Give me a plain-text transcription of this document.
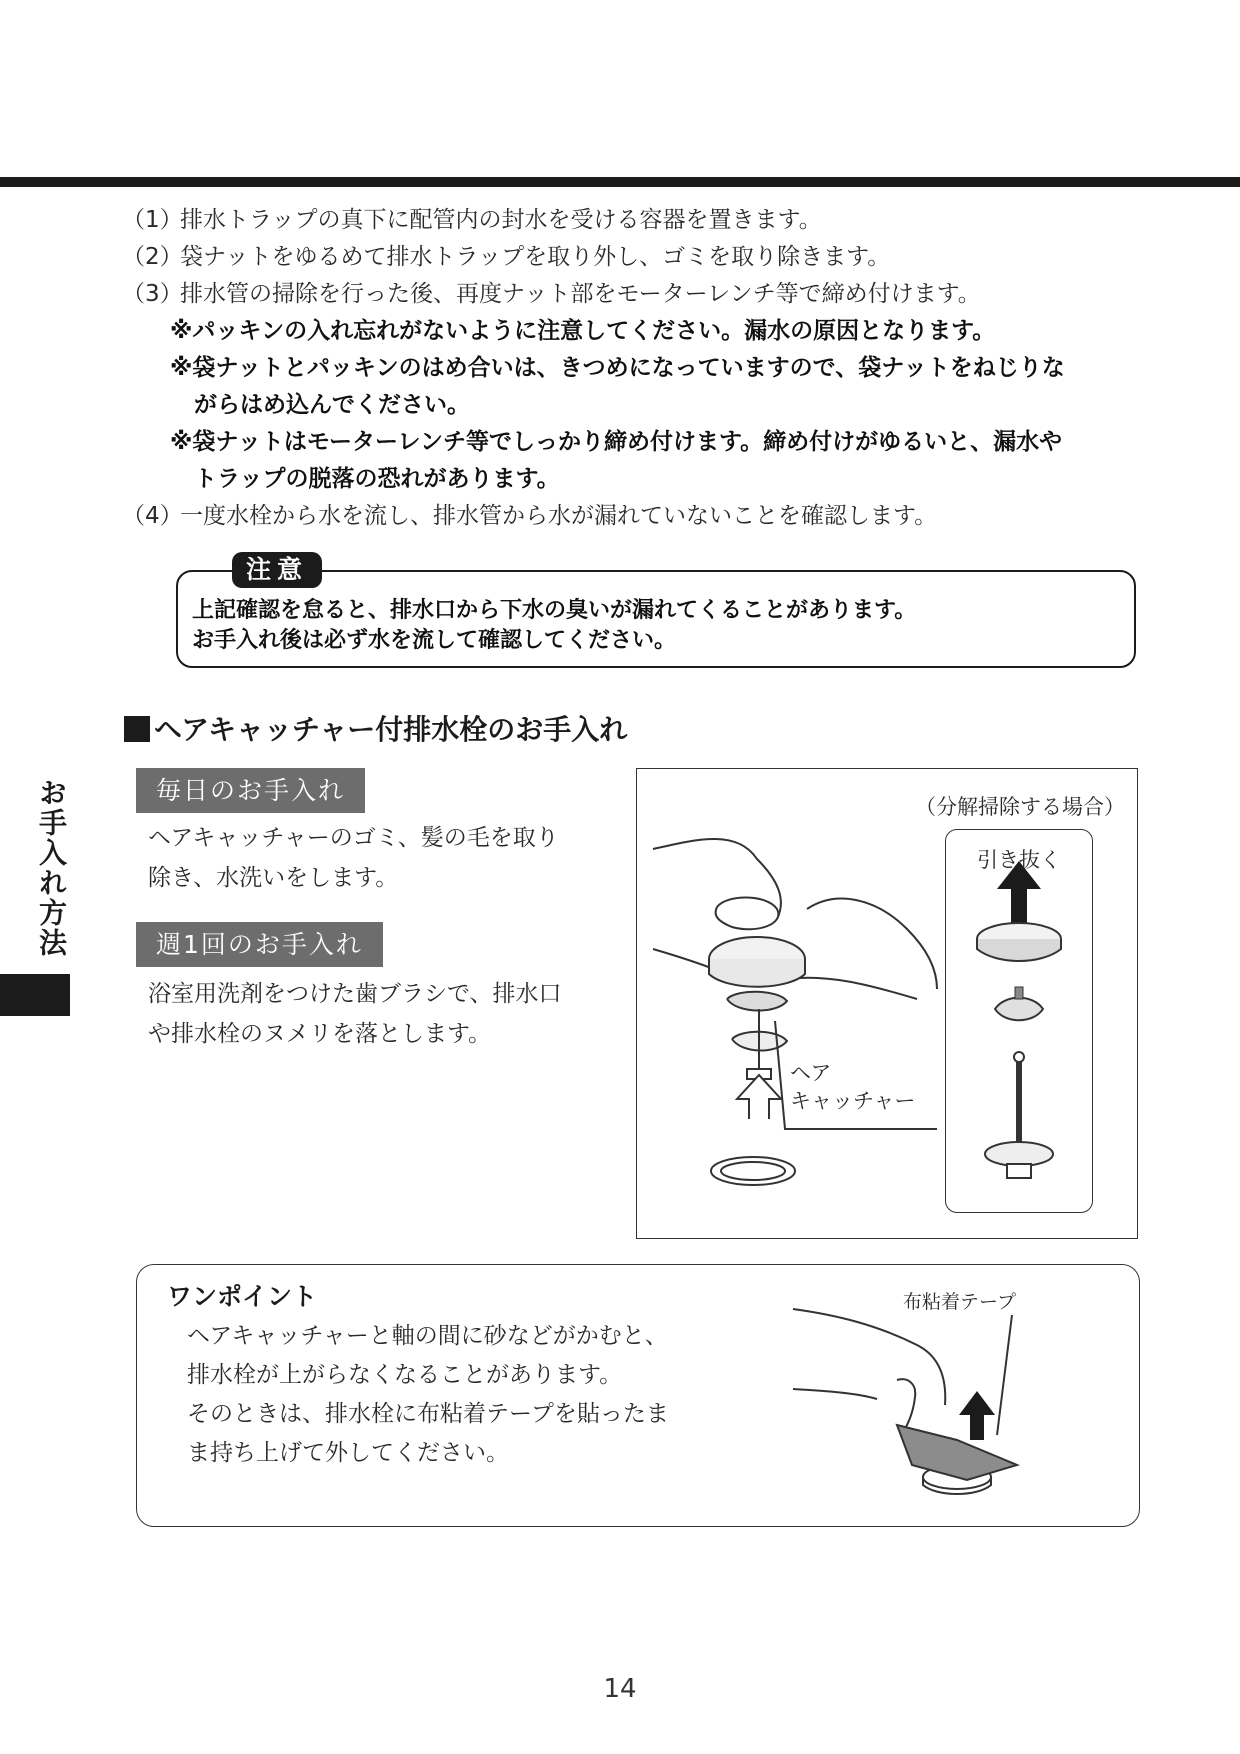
（1）排水トラップの真下に配管内の封水を受ける容器を置きます。
（2）袋ナットをゆるめて排水トラップを取り外し、ゴミを取り除きます。
（3）排水管の掃除を行った後、再度ナット部をモーターレンチ等で締め付けます。
※パッキンの入れ忘れがないように注意してください。漏水の原因となります。
※袋ナットとパッキンのはめ合いは、きつめになっていますので、袋ナットをねじりな
がらはめ込んでください。
※袋ナットはモーターレンチ等でしっかり締め付けます。締め付けがゆるいと、漏水や
トラップの脱落の恐れがあります。
（4）一度水栓から水を流し、排水管から水が漏れていないことを確認します。
注意
上記確認を怠ると、排水口から下水の臭いが漏れてくることがあります。
お手入れ後は必ず水を流して確認してください。
ヘアキャッチャー付排水栓のお手入れ
お手入れ方法	毎日のお手入れ
ヘアキャッチャーのゴミ、髪の毛を取り
除き、水洗いをします。
週1回のお手入れ
浴室用洗剤をつけた歯ブラシで、排水口
や排水栓のヌメリを落とします。
（分解掃除する場合）
引き抜く
ヘア
キャッチャー
ワンポイント
ヘアキャッチャーと軸の間に砂などがかむと、
排水栓が上がらなくなることがあります。
そのときは、排水栓に布粘着テープを貼ったま
ま持ち上げて外してください。
布粘着テープ
14
